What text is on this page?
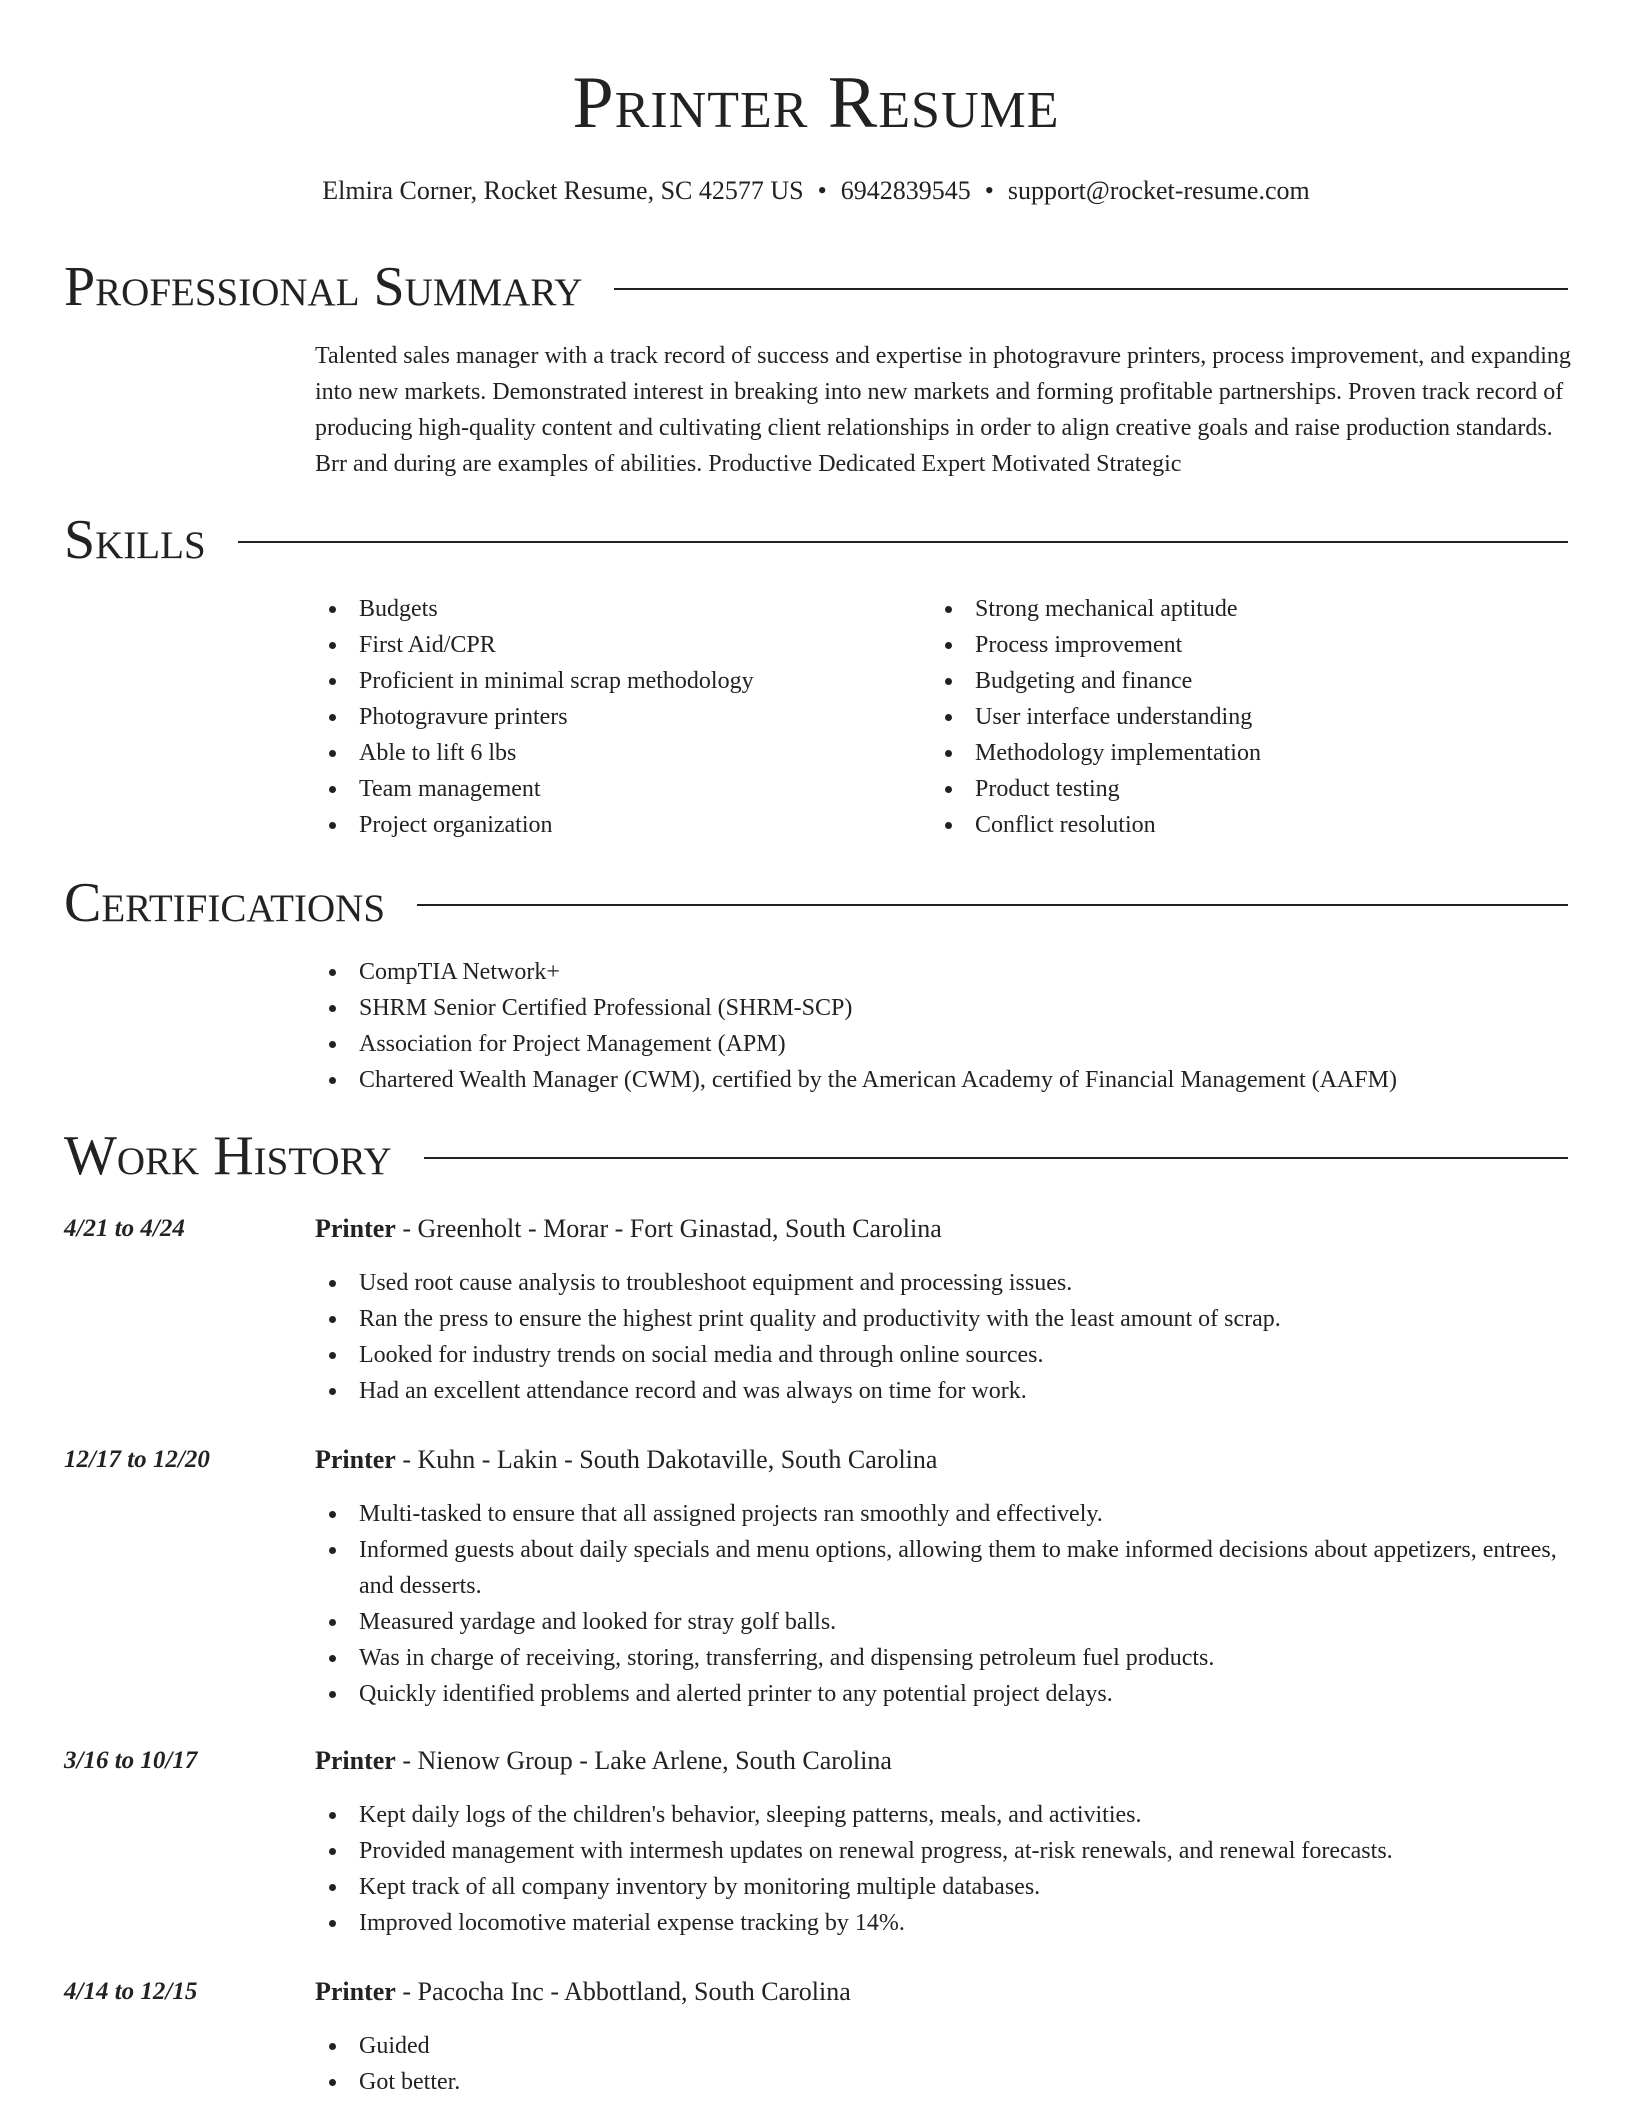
Printer Resume
Elmira Corner, Rocket Resume, SC 42577 US • 6942839545 • support@rocket-resume.com
Professional Summary

Talented sales manager with a track record of success and expertise in photogravure printers, process improvement, and expanding into new markets. Demonstrated interest in breaking into new markets and forming profitable partnerships. Proven track record of producing high-quality content and cultivating client relationships in order to align creative goals and raise production standards. Brr and during are examples of abilities. Productive Dedicated Expert Motivated Strategic

Skills
Budgets
First Aid/CPR
Proficient in minimal scrap methodology
Photogravure printers
Able to lift 6 lbs
Team management
Project organization
Strong mechanical aptitude
Process improvement
Budgeting and finance
User interface understanding
Methodology implementation
Product testing
Conflict resolution
Certifications
CompTIA Network+
SHRM Senior Certified Professional (SHRM-SCP)
Association for Project Management (APM)
Chartered Wealth Manager (CWM), certified by the American Academy of Financial Management (AAFM)
Work History
4/21 to 4/24	Printer - Greenholt - Morar - Fort Ginastad, South Carolina
Used root cause analysis to troubleshoot equipment and processing issues.
Ran the press to ensure the highest print quality and productivity with the least amount of scrap.
Looked for industry trends on social media and through online sources.
Had an excellent attendance record and was always on time for work.
12/17 to 12/20	Printer - Kuhn - Lakin - South Dakotaville, South Carolina
Multi-tasked to ensure that all assigned projects ran smoothly and effectively.
Informed guests about daily specials and menu options, allowing them to make informed decisions about appetizers, entrees, and desserts.
Measured yardage and looked for stray golf balls.
Was in charge of receiving, storing, transferring, and dispensing petroleum fuel products.
Quickly identified problems and alerted printer to any potential project delays.
3/16 to 10/17	Printer - Nienow Group - Lake Arlene, South Carolina
Kept daily logs of the children's behavior, sleeping patterns, meals, and activities.
Provided management with intermesh updates on renewal progress, at-risk renewals, and renewal forecasts.
Kept track of all company inventory by monitoring multiple databases.
Improved locomotive material expense tracking by 14%.
4/14 to 12/15	Printer - Pacocha Inc - Abbottland, South Carolina
Guided
Got better.
